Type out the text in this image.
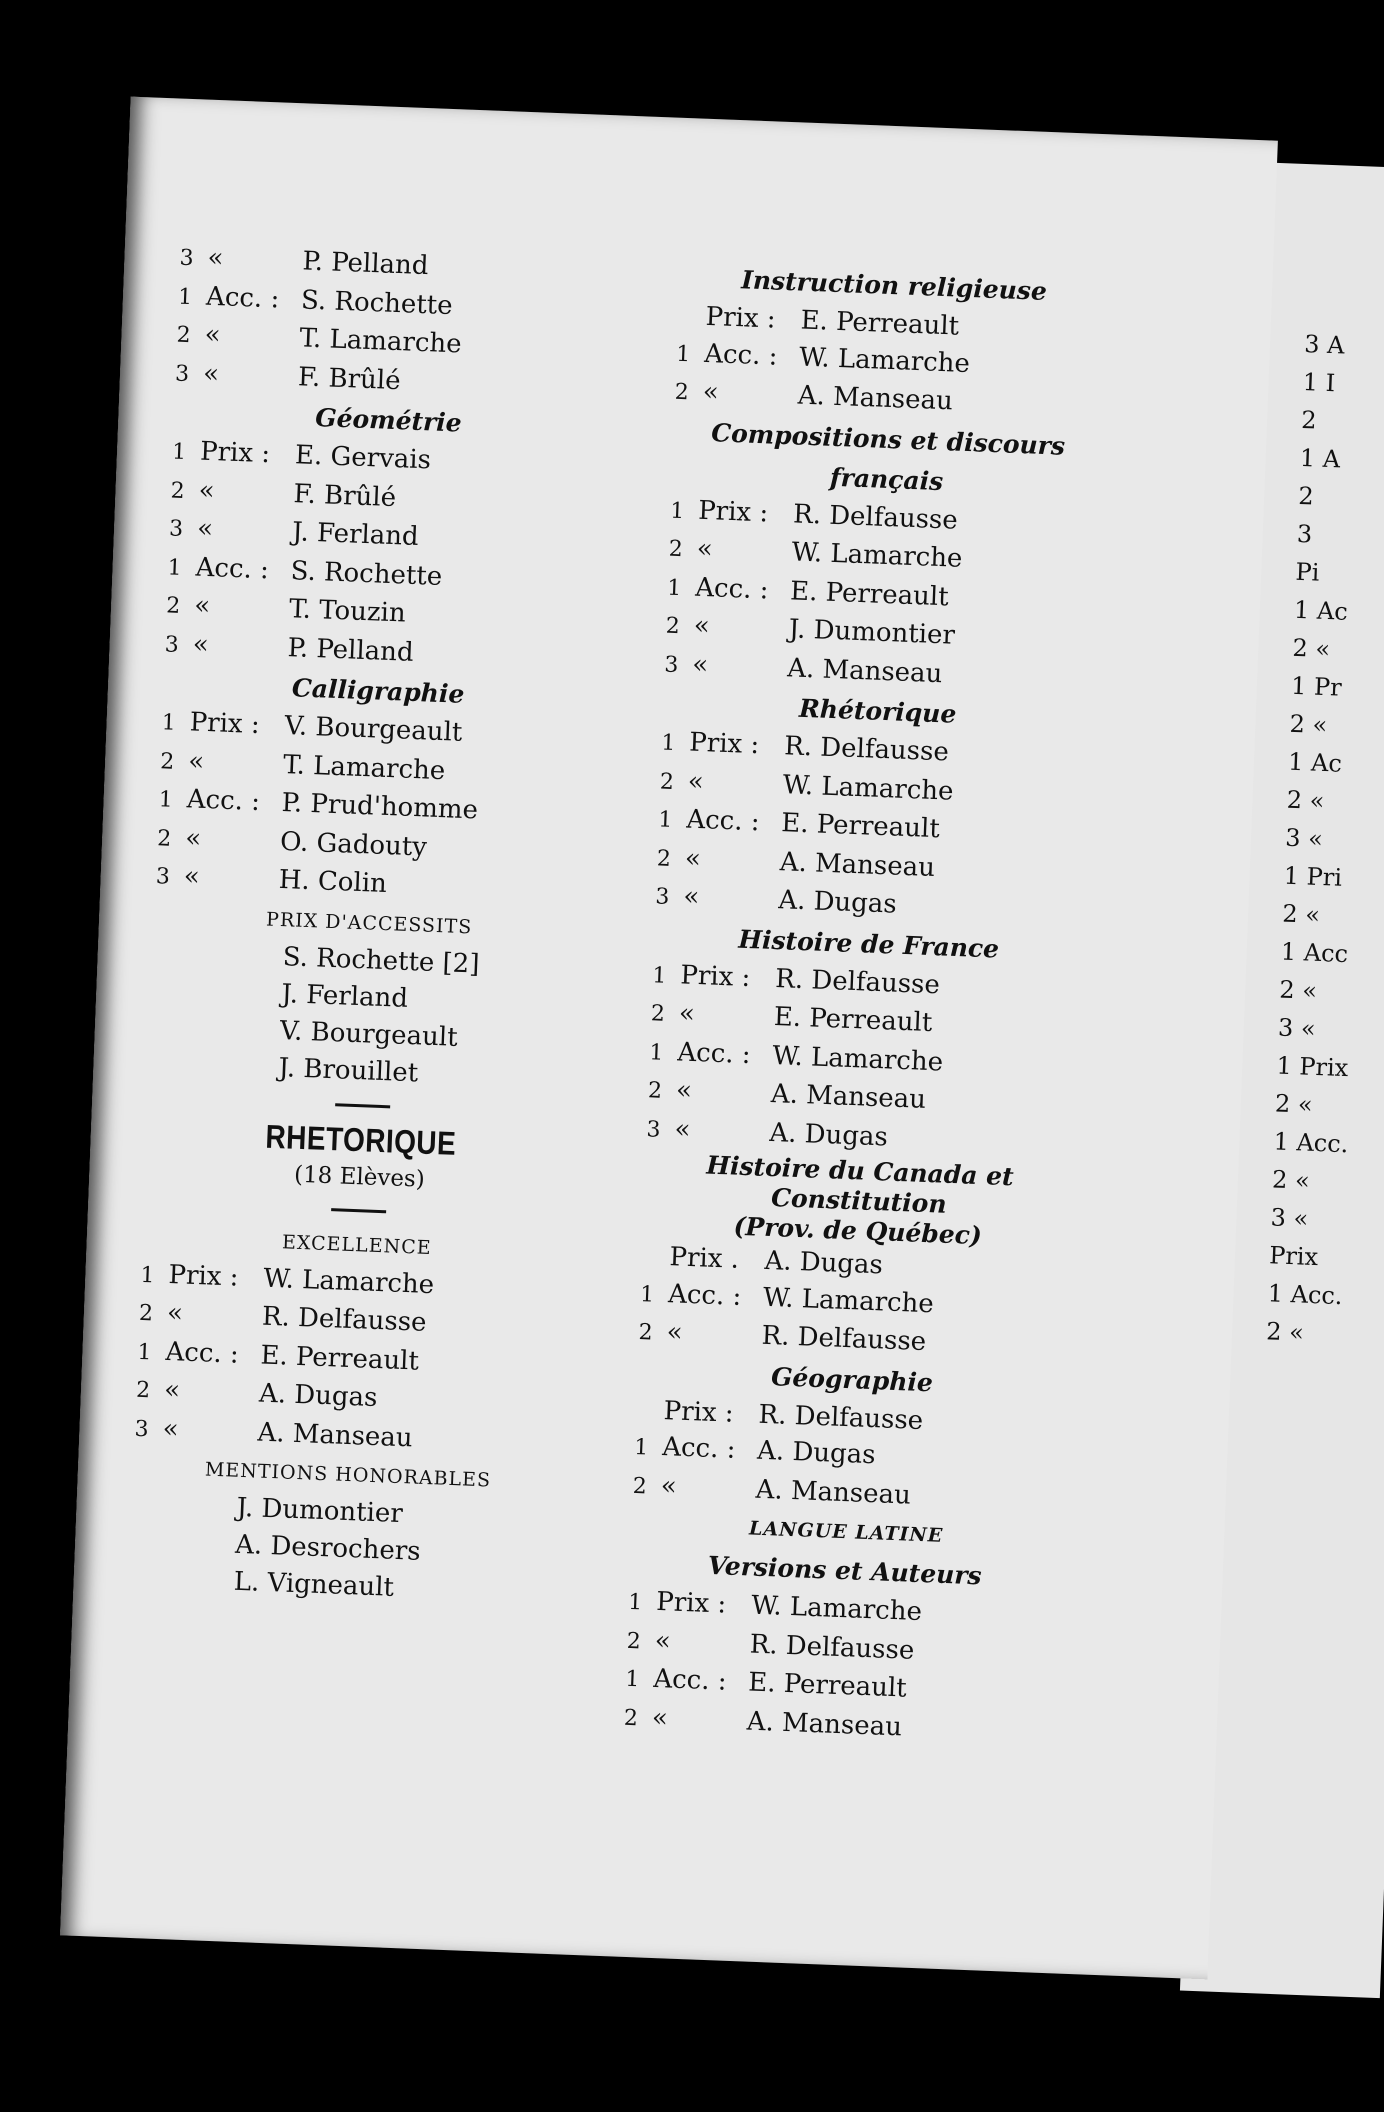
3 «	P. Pelland
1 Acc. : S. Rochette
2 «	T. Lamarche
3 «	F. Brûlé
Géométrie
1 Prix : E. Gervais
2 «	F. Brûlé
3 «	J. Ferland
1 Acc. : S. Rochette
2 «	T. Touzin
3 «	P. Pelland
Calligraphie
1 Prix : V. Bourgeault
2 «	T. Lamarche
1 Acc. : P. Prud'homme
2 «	O. Gadouty
3 «	H. Colin
PRIX D'ACCESSITS
S. Rochette [2]
J. Ferland
V. Bourgeault
J. Brouillet
RHETORIQUE
(18 Elèves)
EXCELLENCE
1 Prix : W. Lamarche
2 «	R. Delfausse
1 Acc. : E. Perreault
2 «	A. Dugas
3 «	A. Manseau
MENTIONS HONORABLES
J. Dumontier
A. Desrochers
L. Vigneault
Instruction religieuse
Prix : E. Perreault
1 Acc. : W. Lamarche
2 «	A. Manseau
Compositions et discours français
1 Prix : R. Delfausse
2 «	W. Lamarche
1 Acc. : E. Perreault
2 «	J. Dumontier
3 «	A. Manseau
Rhétorique
1 Prix : R. Delfausse
2 «	W. Lamarche
1 Acc. : E. Perreault
2 «	A. Manseau
3 «	A. Dugas
Histoire de France
1 Prix : R. Delfausse
2 «	E. Perreault
1 Acc. : W. Lamarche
2 «	A. Manseau
3 «	A. Dugas
Histoire du Canada et Constitution
(Prov. de Québec)
Prix . A. Dugas
1 Acc. : W. Lamarche
2 «	R. Delfausse
Géographie
Prix : R. Delfausse
1 Acc. : A. Dugas
2 «	A. Manseau
LANGUE LATINE
Versions et Auteurs
1 Prix : W. Lamarche
2 «	R. Delfausse
1 Acc. : E. Perreault
2 «	A. Manseau
3 A
1 I
2
1 A
2
3
Pi
1 Ac
2 «
1 Pr
2 «
1 Ac
2 «
3 «
1 Pri
2 «
1 Acc
2 «
3 «
1 Prix
2 «
1 Acc.
2 «
3 «
Prix
1 Acc.
2 «
